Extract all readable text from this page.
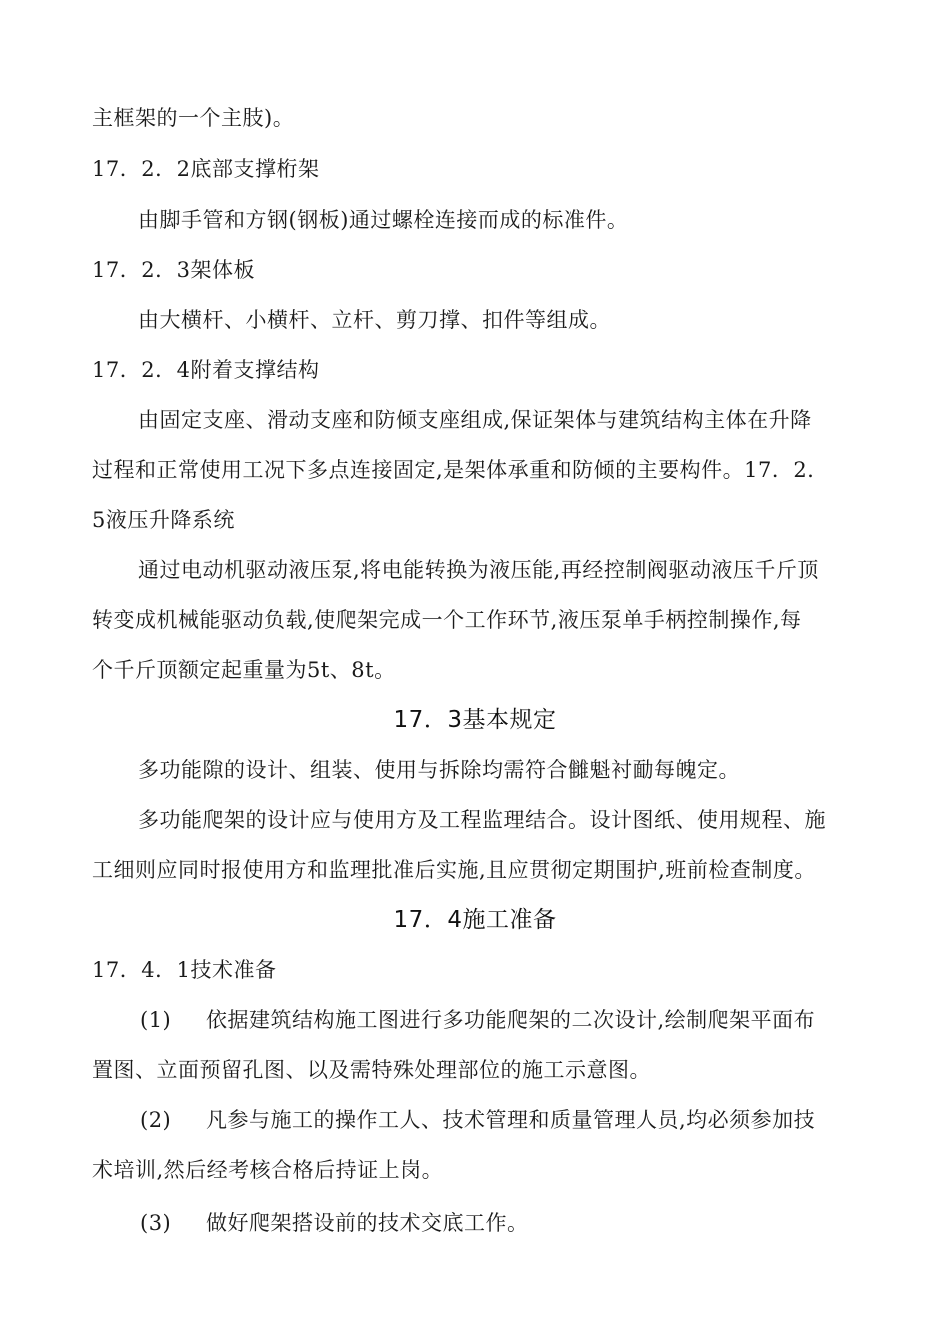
主框架的一个主肢)。
17．2．2底部支撑桁架
由脚手管和方钢(钢板)通过螺栓连接而成的标准件。
17．2．3架体板
由大横杆、小横杆、立杆、剪刀撑、扣件等组成。
17．2．4附着支撑结构
由固定支座、滑动支座和防倾支座组成,保证架体与建筑结构主体在升降
过程和正常使用工况下多点连接固定,是架体承重和防倾的主要构件。17．2．
5液压升降系统
通过电动机驱动液压泵,将电能转换为液压能,再经控制阀驱动液压千斤顶
转变成机械能驱动负载,使爬架完成一个工作环节,液压泵单手柄控制操作,每
个千斤顶额定起重量为5t、8t。
17．3基本规定
多功能隙的设计、组装、使用与拆除均需符合雠魁衬勔每魄定。
多功能爬架的设计应与使用方及工程监理结合。设计图纸、使用规程、施
工细则应同时报使用方和监理批准后实施,且应贯彻定期围护,班前检查制度。
17．4施工准备
17．4．1技术准备
(1) 依据建筑结构施工图进行多功能爬架的二次设计,绘制爬架平面布
置图、立面预留孔图、以及需特殊处理部位的施工示意图。
(2) 凡参与施工的操作工人、技术管理和质量管理人员,均必须参加技
术培训,然后经考核合格后持证上岗。
(3) 做好爬架搭设前的技术交底工作。
